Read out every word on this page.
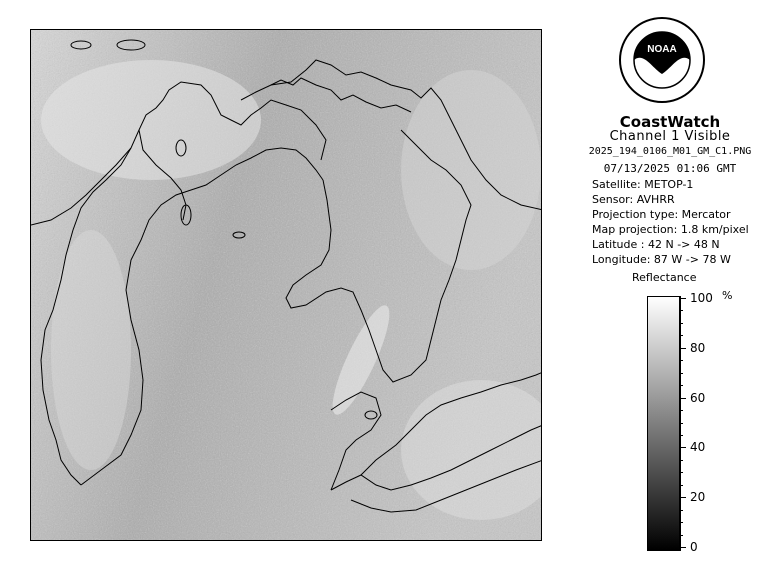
NOAA
CoastWatch
Channel 1 Visible
2025_194_0106_M01_GM_C1.PNG
07/13/2025 01:06 GMT
Satellite: METOP-1
Sensor: AVHRR
Projection type: Mercator
Map projection: 1.8 km/pixel
Latitude : 42 N -> 48 N
Longitude: 87 W -> 78 W
Reflectance
%
100
80
60
40
20
0
